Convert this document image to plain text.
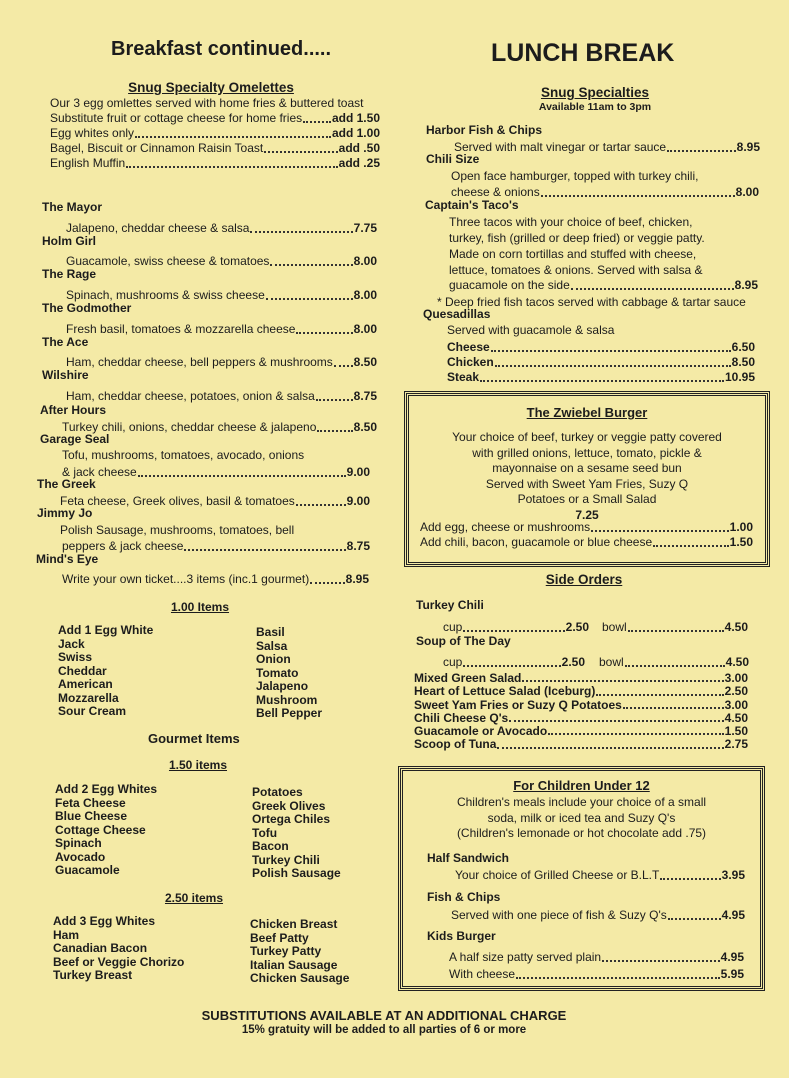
Breakfast continued.....
Snug Specialty Omelettes
Our 3 egg omlettes served with home fries & buttered toast
Substitute fruit or cottage cheese for home fries add 1.50
Egg whites only	add 1.00
Bagel, Biscuit or Cinnamon Raisin Toast	add .50
English Muffin	add .25
The Mayor
Jalapeno, cheddar cheese & salsa	7.75
Holm Girl
Guacamole, swiss cheese & tomatoes	8.00
The Rage
Spinach, mushrooms & swiss cheese	8.00
The Godmother
Fresh basil, tomatoes & mozzarella cheese	8.00
The Ace
Ham, cheddar cheese, bell peppers & mushrooms 8.50
Wilshire
Ham, cheddar cheese, potatoes, onion & salsa	8.75
After Hours
Turkey chili, onions, cheddar cheese & jalapeno	8.50
Garage Seal
Tofu, mushrooms, tomatoes, avocado, onions
& jack cheese	9.00
The Greek
Feta cheese, Greek olives, basil & tomatoes	9.00
Jimmy Jo
Polish Sausage, mushrooms, tomatoes, bell
peppers & jack cheese	8.75
Mind's Eye
Write your own ticket....3 items (inc.1 gourmet)	8.95
1.00 Items
Add 1 Egg White
Jack
Swiss
Cheddar
American
Mozzarella
Sour Cream
Basil
Salsa
Onion
Tomato
Jalapeno
Mushroom
Bell Pepper
Gourmet Items
1.50 items
Add 2 Egg Whites
Feta Cheese
Blue Cheese
Cottage Cheese
Spinach
Avocado
Guacamole
Potatoes
Greek Olives
Ortega Chiles
Tofu
Bacon
Turkey Chili
Polish Sausage
2.50 items
Add 3 Egg Whites
Ham
Canadian Bacon
Beef or Veggie Chorizo
Turkey Breast
Chicken Breast
Beef Patty
Turkey Patty
Italian Sausage
Chicken Sausage
LUNCH BREAK
Snug Specialties
Available 11am to 3pm
Harbor Fish & Chips
Served with malt vinegar or tartar sauce	8.95
Chili Size
Open face hamburger, topped with turkey chili,
cheese & onions	8.00
Captain's Taco's
Three tacos with your choice of beef, chicken,
turkey, fish (grilled or deep fried) or veggie patty.
Made on corn tortillas and stuffed with cheese,
lettuce, tomatoes & onions. Served with salsa &
guacamole on the side	8.95
* Deep fried fish tacos served with cabbage & tartar sauce
Quesadillas
Served with guacamole & salsa
Cheese	6.50
Chicken	8.50
Steak	10.95
The Zwiebel Burger
Your choice of beef, turkey or veggie patty covered
with grilled onions, lettuce, tomato, pickle &
mayonnaise on a sesame seed bun
Served with Sweet Yam Fries, Suzy Q
Potatoes or a Small Salad
7.25
Add egg, cheese or mushrooms	1.00
Add chili, bacon, guacamole or blue cheese	1.50
Side Orders
Turkey Chili
cup	2.50 bowl	4.50
Soup of The Day
cup	2.50 bowl	4.50
Mixed Green Salad	3.00
Heart of Lettuce Salad (Iceburg)	2.50
Sweet Yam Fries or Suzy Q Potatoes	3.00
Chili Cheese Q's	4.50
Guacamole or Avocado	1.50
Scoop of Tuna	2.75
For Children Under 12
Children's meals include your choice of a small
soda, milk or iced tea and Suzy Q's
(Children's lemonade or hot chocolate add .75)
Half Sandwich
Your choice of Grilled Cheese or B.L.T	3.95
Fish & Chips
Served with one piece of fish & Suzy Q's	4.95
Kids Burger
A half size patty served plain	4.95
With cheese	5.95
SUBSTITUTIONS AVAILABLE AT AN ADDITIONAL CHARGE
15% gratuity will be added to all parties of 6 or more
